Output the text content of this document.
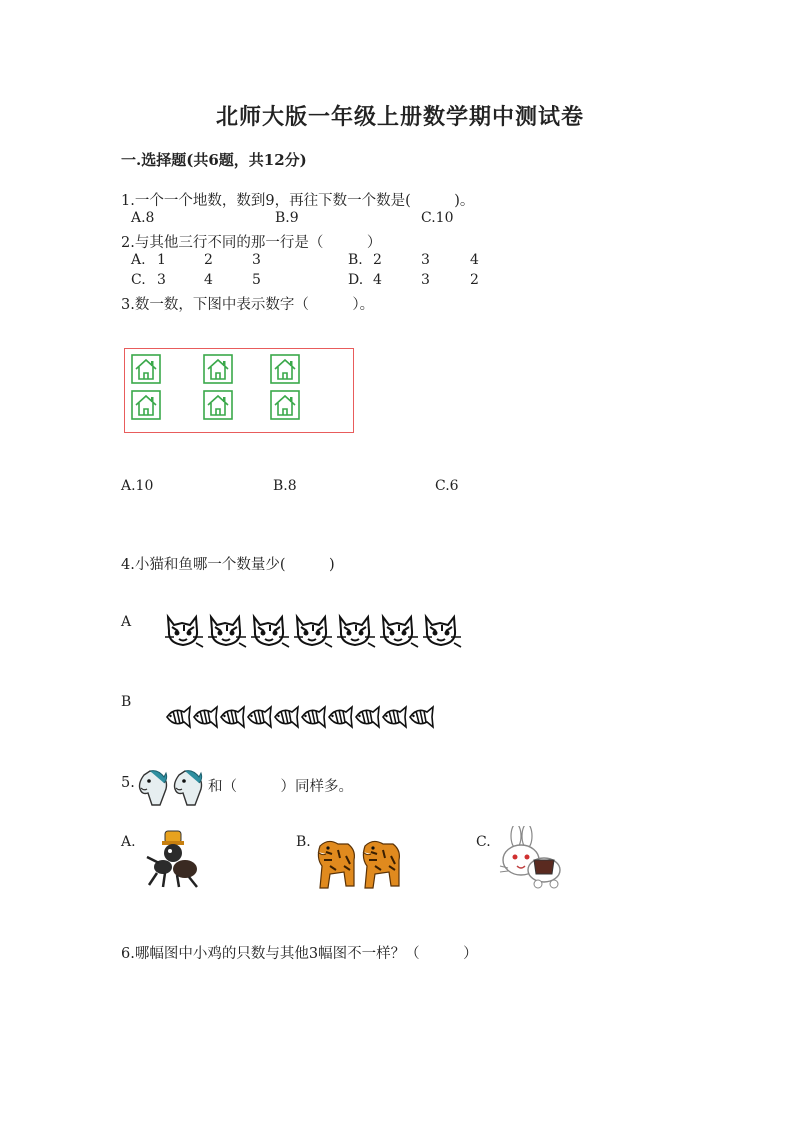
北师大版一年级上册数学期中测试卷
一.选择题(共6题，共12分)
1.一个一个地数，数到9，再往下数一个数是(　　　)。
A.8	B.9	C.10
2.与其他三行不同的那一行是（　　　）
A. 1	2	3	B. 2	3	4
C. 3	4	5	D. 4	3	2
3.数一数，下图中表示数字（　　　）。
A.10	B.8	C.6
4.小猫和鱼哪一个数量少(　　　)
A
B
5.	和（　　　）同样多。
A.	B.	C.
6.哪幅图中小鸡的只数与其他3幅图不一样？（　　　）
